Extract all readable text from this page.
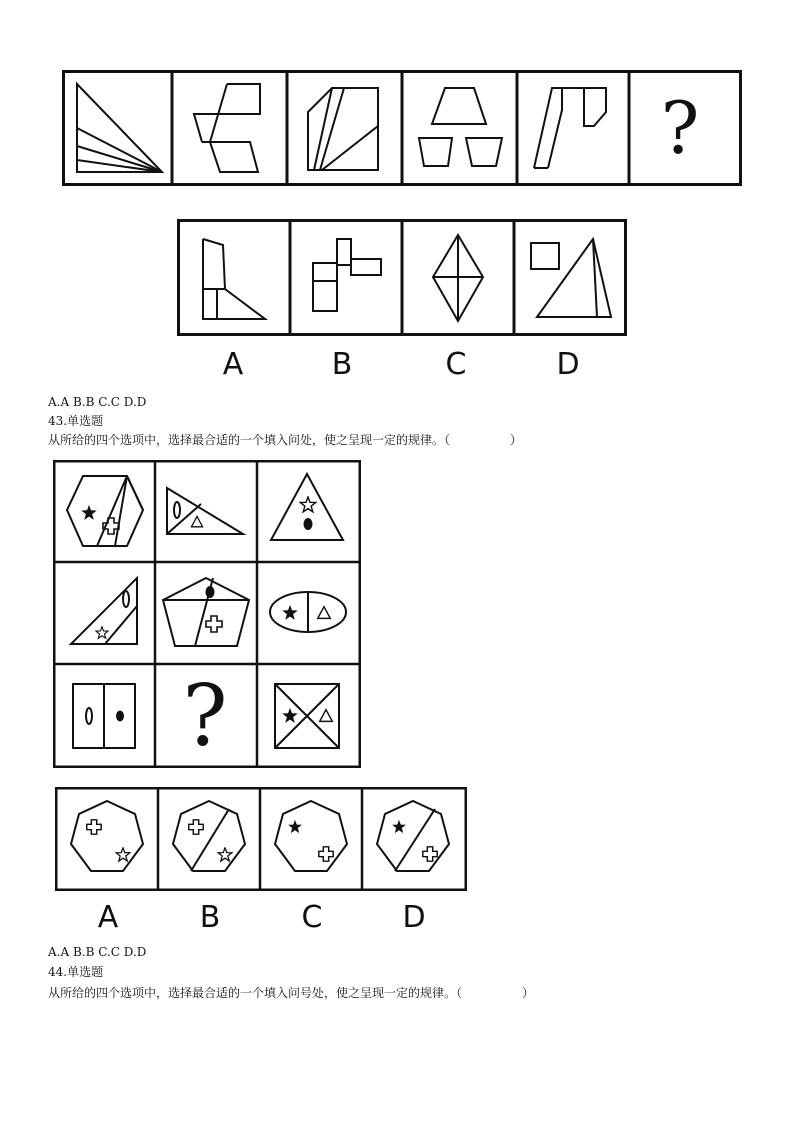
?
A	B	C	D
A.A B.B C.C D.D
43.单选题
从所给的四个选项中，选择最合适的一个填入问处，使之呈现一定的规律。（　　　　　）
?
A	B	C	D
A.A B.B C.C D.D
44.单选题
从所给的四个选项中，选择最合适的一个填入问号处，使之呈现一定的规律。（　　　　　）
